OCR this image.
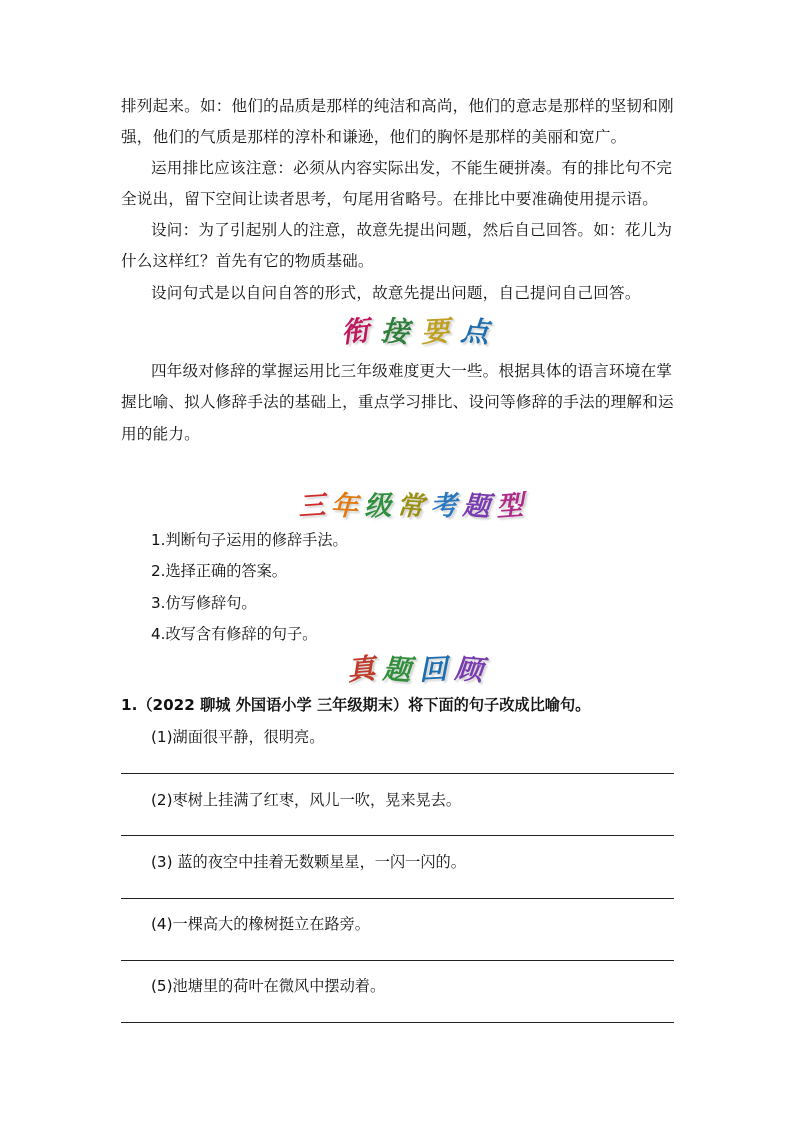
排列起来。如：他们的品质是那样的纯洁和高尚，他们的意志是那样的坚韧和刚
强，他们的气质是那样的淳朴和谦逊，他们的胸怀是那样的美丽和宽广。
运用排比应该注意：必须从内容实际出发，不能生硬拼凑。有的排比句不完
全说出，留下空间让读者思考，句尾用省略号。在排比中要准确使用提示语。
设问：为了引起别人的注意，故意先提出问题，然后自己回答。如：花儿为
什么这样红？首先有它的物质基础。
设问句式是以自问自答的形式，故意先提出问题，自己提问自己回答。
衔 接 要 点
四年级对修辞的掌握运用比三年级难度更大一些。根据具体的语言环境在掌
握比喻、拟人修辞手法的基础上，重点学习排比、设问等修辞的手法的理解和运
用的能力。
三 年 级 常 考 题 型
1.判断句子运用的修辞手法。
2.选择正确的答案。
3.仿写修辞句。
4.改写含有修辞的句子。
真 题 回 顾
1.（2022 聊城 外国语小学 三年级期末）将下面的句子改成比喻句。
(1)湖面很平静，很明亮。
(2)枣树上挂满了红枣，风儿一吹，晃来晃去。
(3) 蓝的夜空中挂着无数颗星星，一闪一闪的。
(4)一棵高大的橡树挺立在路旁。
(5)池塘里的荷叶在微风中摆动着。
